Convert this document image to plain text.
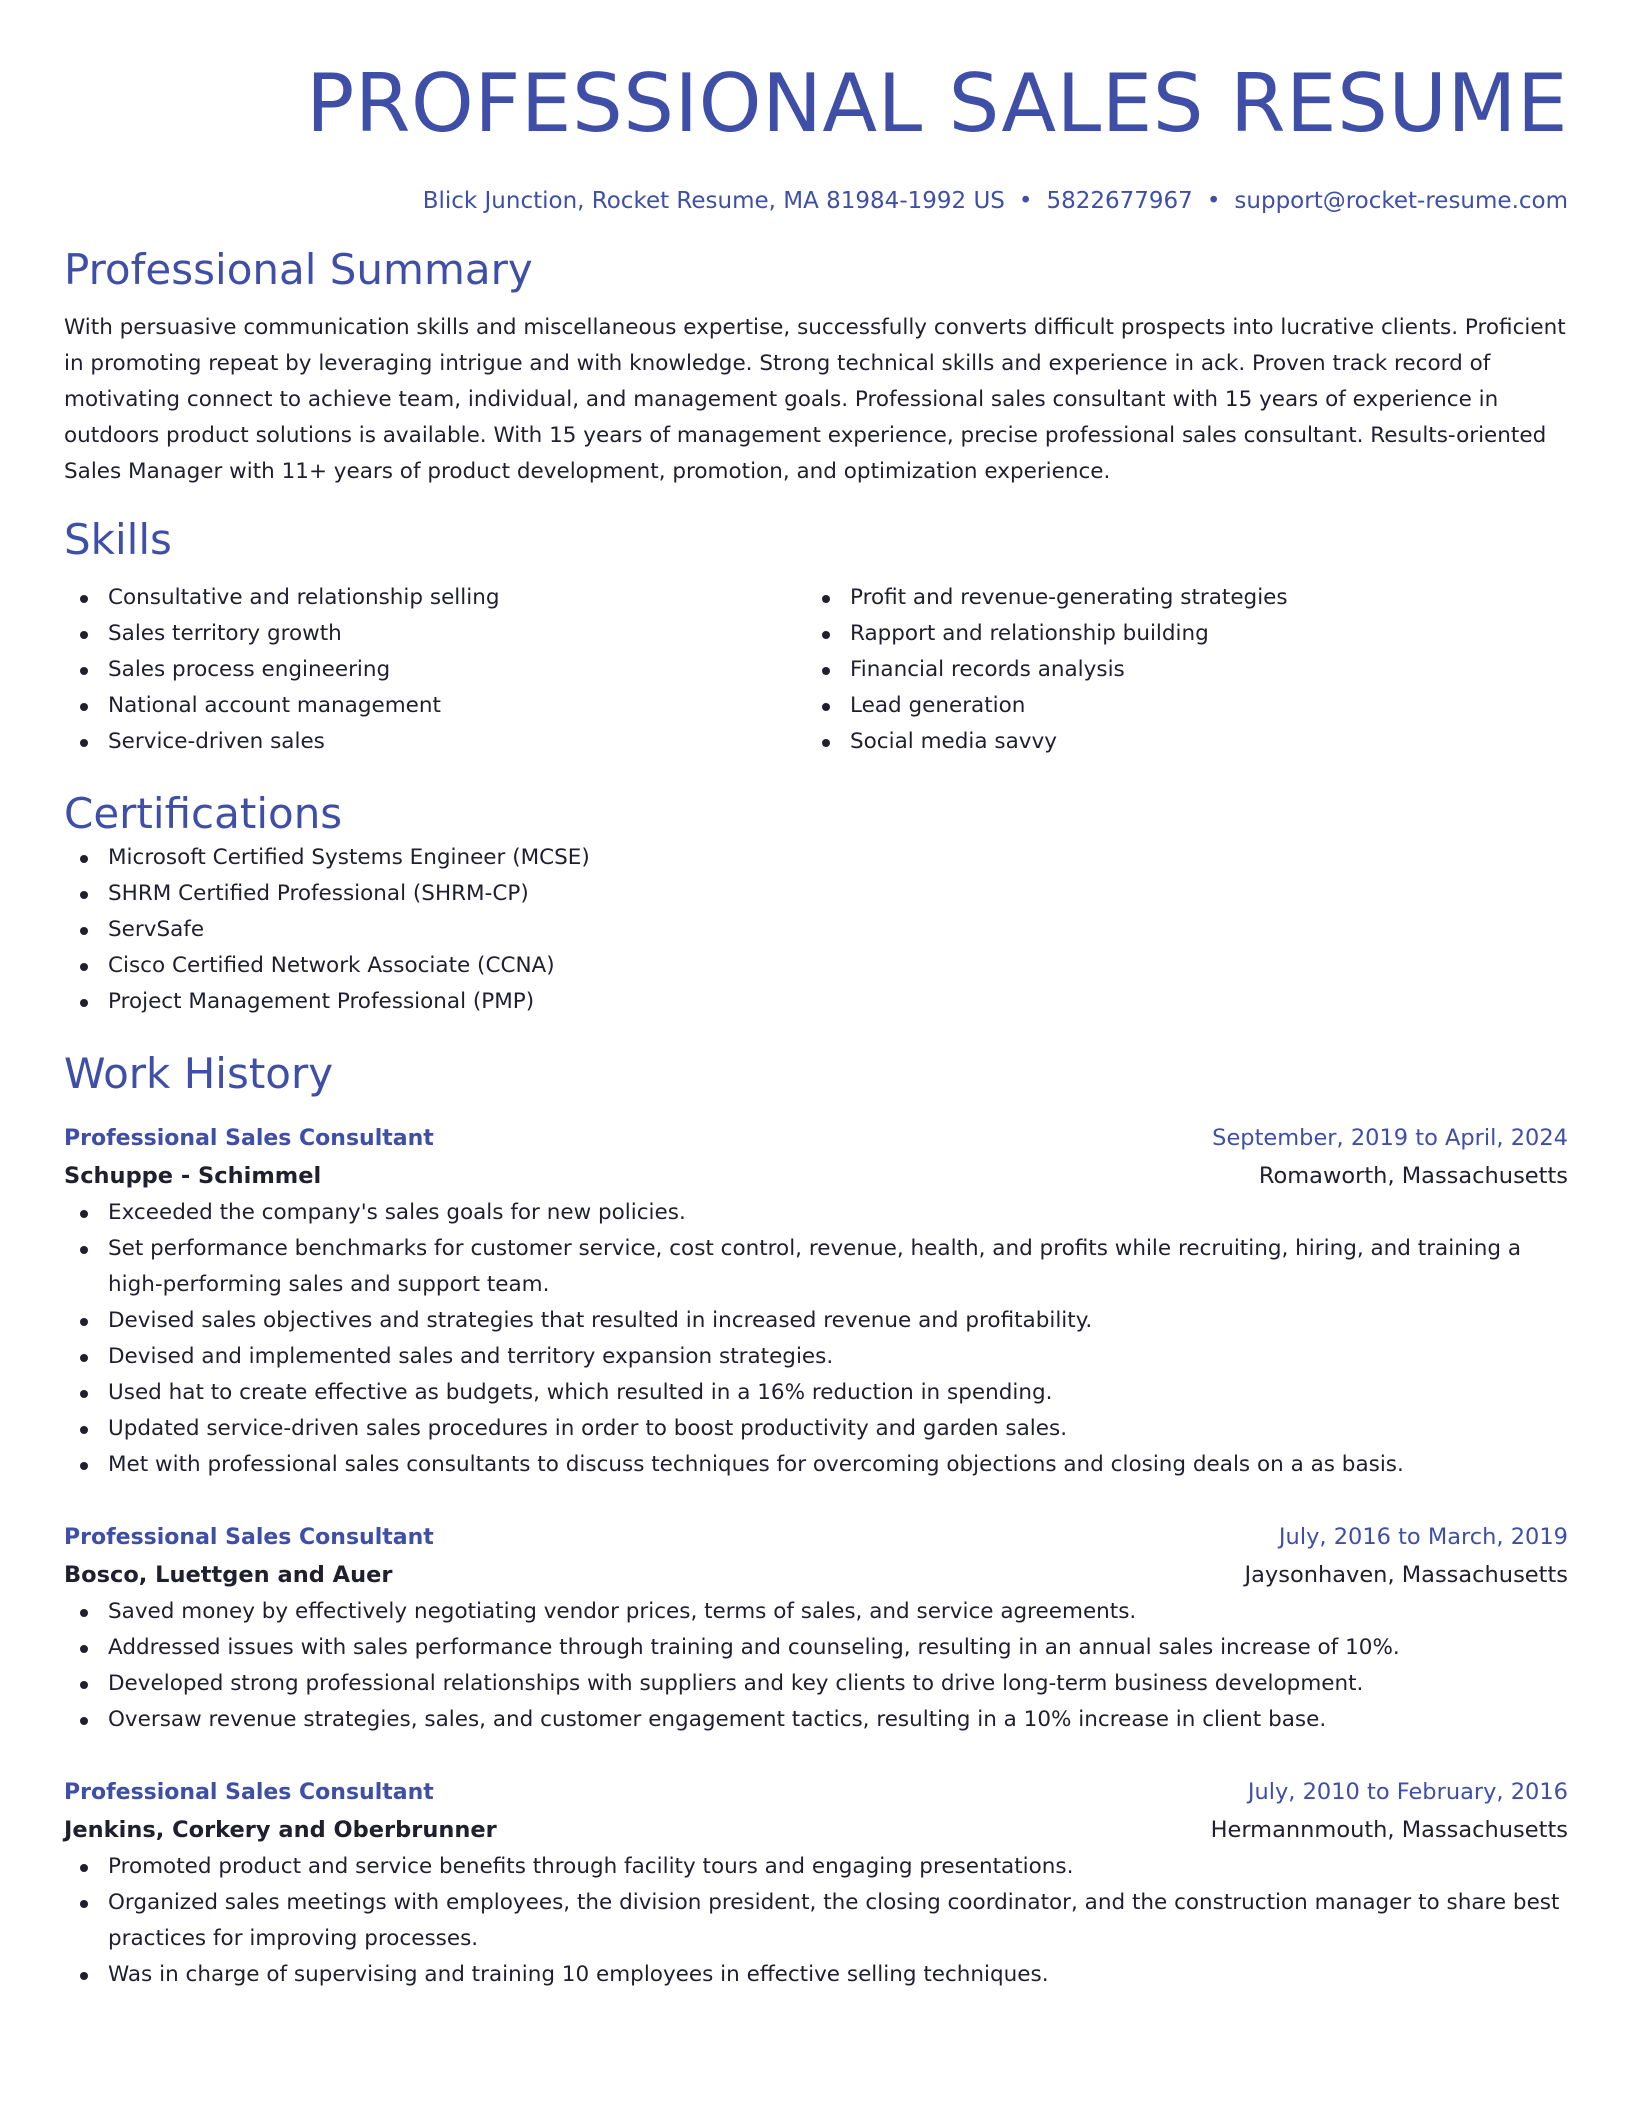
PROFESSIONAL SALES RESUME
Blick Junction, Rocket Resume, MA 81984-1992 US • 5822677967 • support@rocket-resume.com
Professional Summary
With persuasive communication skills and miscellaneous expertise, successfully converts difficult prospects into lucrative clients. Proficient in promoting repeat by leveraging intrigue and with knowledge. Strong technical skills and experience in ack. Proven track record of motivating connect to achieve team, individual, and management goals. Professional sales consultant with 15 years of experience in outdoors product solutions is available. With 15 years of management experience, precise professional sales consultant. Results-oriented Sales Manager with 11+ years of product development, promotion, and optimization experience.
Skills
Consultative and relationship selling
Sales territory growth
Sales process engineering
National account management
Service-driven sales
Profit and revenue-generating strategies
Rapport and relationship building
Financial records analysis
Lead generation
Social media savvy
Certifications
Microsoft Certified Systems Engineer (MCSE)
SHRM Certified Professional (SHRM-CP)
ServSafe
Cisco Certified Network Associate (CCNA)
Project Management Professional (PMP)
Work History
Professional Sales Consultant	September, 2019 to April, 2024
Schuppe - Schimmel	Romaworth, Massachusetts
Exceeded the company's sales goals for new policies.
Set performance benchmarks for customer service, cost control, revenue, health, and profits while recruiting, hiring, and training a high-performing sales and support team.
Devised sales objectives and strategies that resulted in increased revenue and profitability.
Devised and implemented sales and territory expansion strategies.
Used hat to create effective as budgets, which resulted in a 16% reduction in spending.
Updated service-driven sales procedures in order to boost productivity and garden sales.
Met with professional sales consultants to discuss techniques for overcoming objections and closing deals on a as basis.
Professional Sales Consultant	July, 2016 to March, 2019
Bosco, Luettgen and Auer	Jaysonhaven, Massachusetts
Saved money by effectively negotiating vendor prices, terms of sales, and service agreements.
Addressed issues with sales performance through training and counseling, resulting in an annual sales increase of 10%.
Developed strong professional relationships with suppliers and key clients to drive long-term business development.
Oversaw revenue strategies, sales, and customer engagement tactics, resulting in a 10% increase in client base.
Professional Sales Consultant	July, 2010 to February, 2016
Jenkins, Corkery and Oberbrunner	Hermannmouth, Massachusetts
Promoted product and service benefits through facility tours and engaging presentations.
Organized sales meetings with employees, the division president, the closing coordinator, and the construction manager to share best practices for improving processes.
Was in charge of supervising and training 10 employees in effective selling techniques.
